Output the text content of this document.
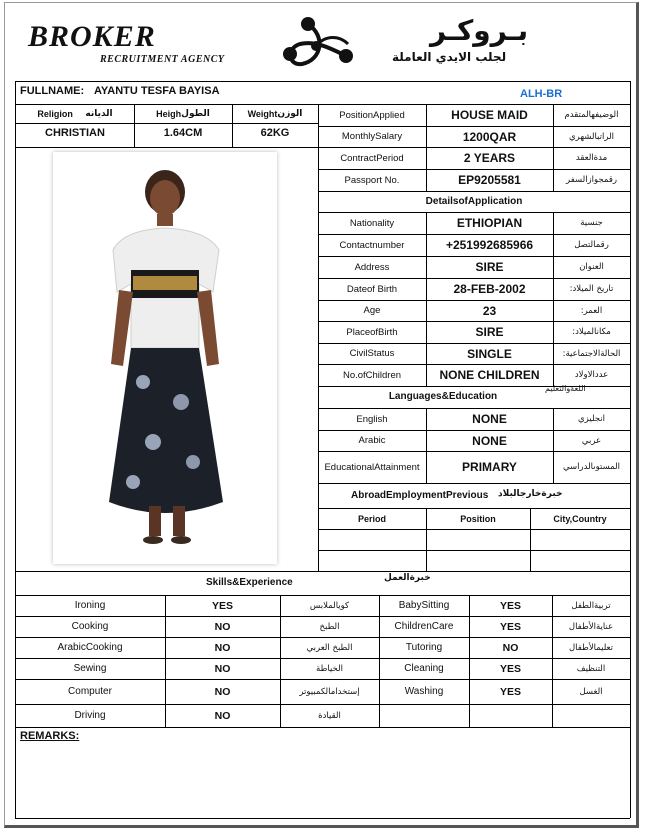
BROKER
RECRUITMENT AGENCY
بـروكـر
لجلب الايدي العاملة
FULLNAME: AYANTU TESFA BAYISA	ALH-BR
Religion
الديانه	Heigh الطول	Weight الوزن
CHRISTIAN	1.64CM	62KG
PositionApplied	HOUSE MAID	الوضيفهالمتقدم
MonthlySalary	1200QAR	الراتبالشهري
ContractPeriod	2 YEARS	مدةالعقد
Passport No.	EP9205581	رقمجوازالسفر
Nationality	ETHIOPIAN	جنسية
Contactnumber	+251992685966	رقمالتصل
Address	SIRE	العنوان
Dateof Birth	28-FEB-2002	تاريخ الميلاد:
Age	23	العمر:
PlaceofBirth	SIRE	مكانالميلاد:
CivilStatus	SINGLE	الحالةالاجتماعية:
No.ofChildren	NONE CHILDREN	عددالاولاد
English	NONE	انجليزي
Arabic	NONE	عربي
EducationalAttainment	PRIMARY	المستوىالدراسي
DetailsofApplication
Languages&Education
اللغةوالتعليم
AbroadEmploymentPrevious خبرةخارجالبلاد
Period	Position	City,Country
Skills&Experience	خبرةالعمل
Ironing	YES	كويالملابس	BabySitting	YES	تربيةالطفل
Cooking	NO	الطبخ	ChildrenCare	YES	عنايةالأطفال
ArabicCooking	NO	الطبخ العربي	Tutoring	NO	تعليمالأطفال
Sewing	NO	الخياطة	Cleaning	YES	التنظيف
Computer	NO	إستخدامالكمبيوتر	Washing	YES	الغسل
Driving	NO	القيادة
REMARKS:
